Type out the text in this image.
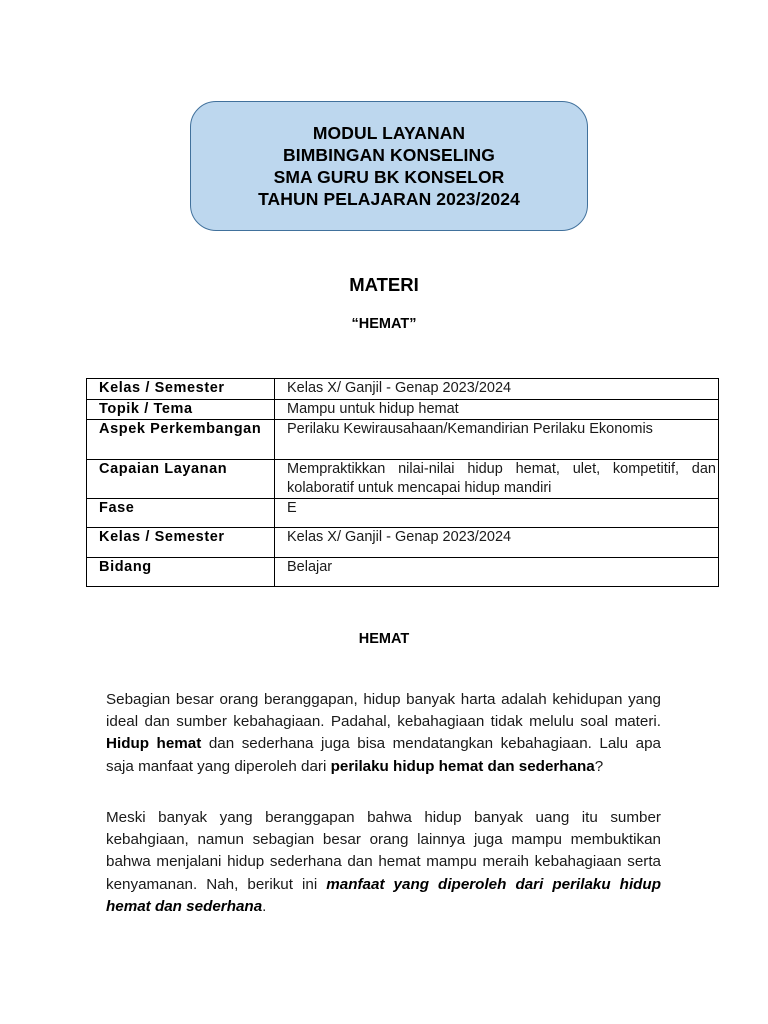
MODUL LAYANAN
BIMBINGAN KONSELING
SMA GURU BK KONSELOR
TAHUN PELAJARAN 2023/2024
MATERI
“HEMAT”
Kelas / Semester	Kelas X/ Ganjil - Genap 2023/2024
Topik / Tema	Mampu untuk hidup hemat
Aspek Perkembangan	Perilaku Kewirausahaan/Kemandirian Perilaku Ekonomis
Capaian Layanan	Mempraktikkan nilai-nilai hidup hemat, ulet, kompetitif, dan kolaboratif untuk mencapai hidup mandiri
Fase	E
Kelas / Semester	Kelas X/ Ganjil - Genap 2023/2024
Bidang	Belajar
HEMAT
Sebagian besar orang beranggapan, hidup banyak harta adalah kehidupan yang ideal dan sumber kebahagiaan. Padahal, kebahagiaan tidak melulu soal materi. Hidup hemat dan sederhana juga bisa mendatangkan kebahagiaan. Lalu apa saja manfaat yang diperoleh dari perilaku hidup hemat dan sederhana?
Meski banyak yang beranggapan bahwa hidup banyak uang itu sumber kebahgiaan, namun sebagian besar orang lainnya juga mampu membuktikan bahwa menjalani hidup sederhana dan hemat mampu meraih kebahagiaan serta kenyamanan. Nah, berikut ini manfaat yang diperoleh dari perilaku hidup hemat dan sederhana.
